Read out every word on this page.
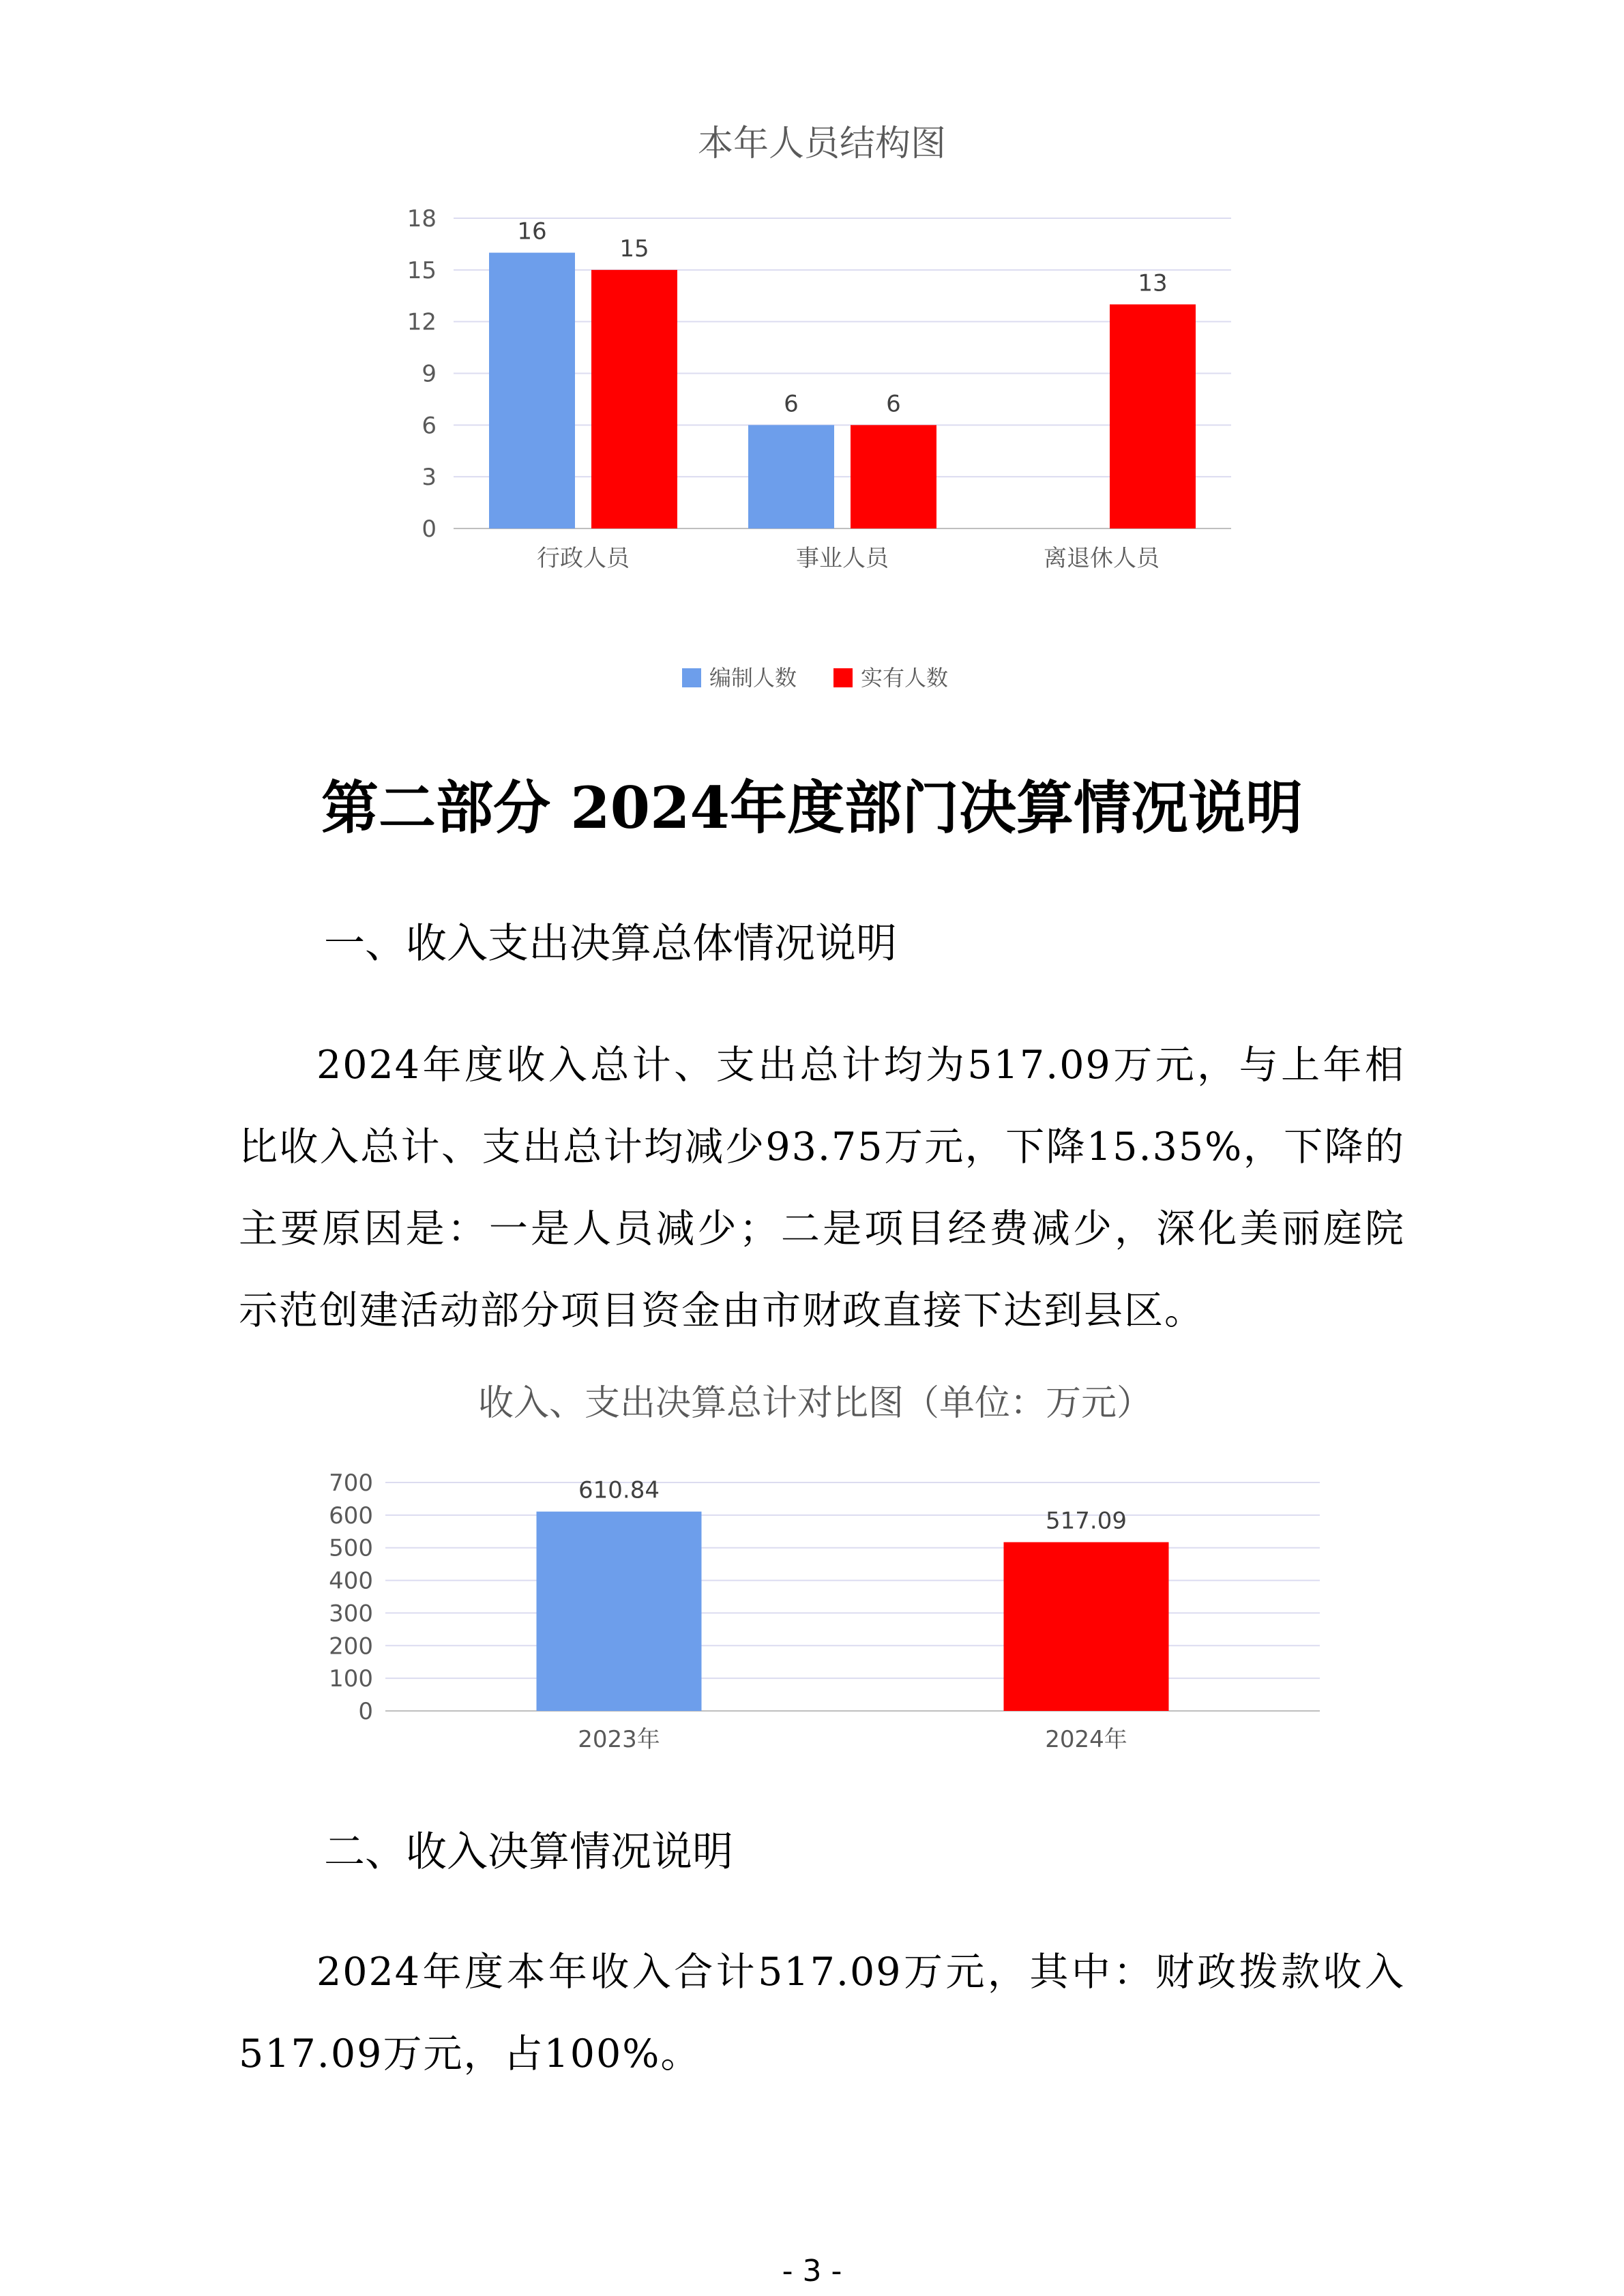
本年人员结构图
18
15
12
9
6
3
0
16
15
6	6
13
行政人员	事业人员	离退休人员
编制人数	实有人数
收入、支出决算总计对比图（单位：万元）
700
600
500
400
300
200
100
0
610.84
517.09
2023年	2024年
第二部分 2024年度部门决算情况说明
一、收入支出决算总体情况说明

2024年度收入总计、支出总计均为517.09万元，与上年相比收入总计、支出总计均减少93.75万元，下降15.35%，下降的主要原因是：一是人员减少；二是项目经费减少，深化美丽庭院示范创建活动部分项目资金由市财政直接下达到县区。

二、收入决算情况说明

2024年度本年收入合计517.09万元，其中：财政拨款收入517.09万元，占100%。

- 3 -
